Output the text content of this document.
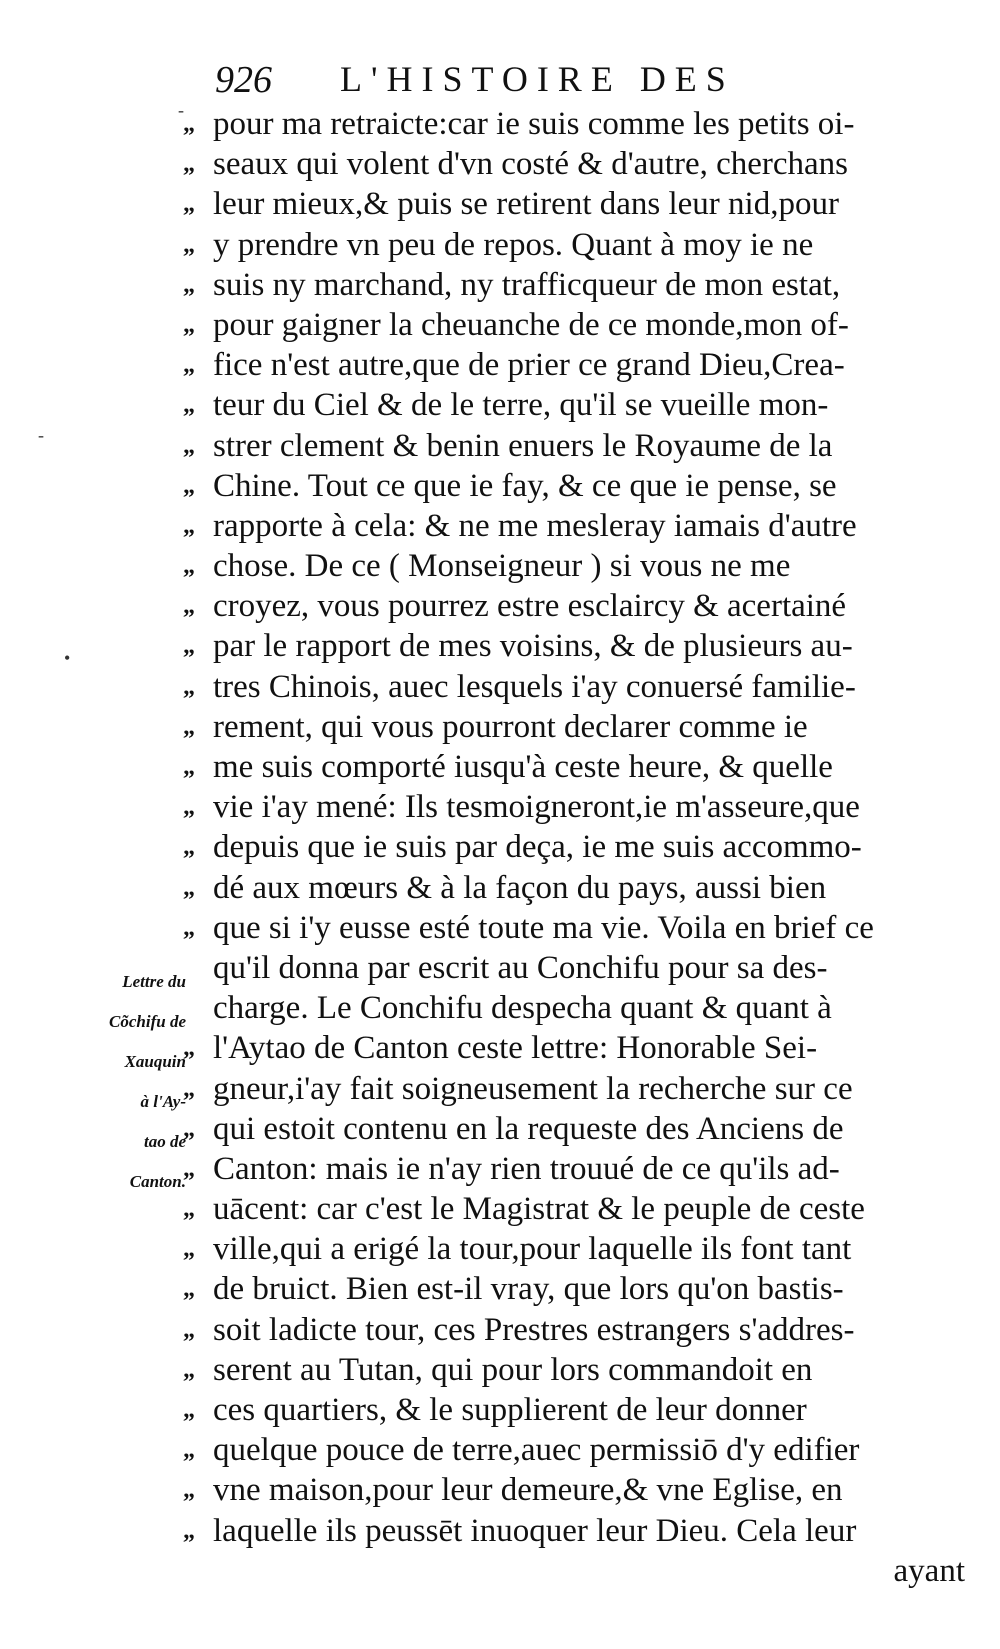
926 L'HISTOIRE DES
Lettre du
Cõchifu de
Xauquin
à l'Ay-
tao de
Canton.
„ pour ma retraicte:car ie suis comme les petits oi-
„ seaux qui volent d'vn costé & d'autre, cherchans
„ leur mieux,& puis se retirent dans leur nid,pour
„ y prendre vn peu de repos. Quant à moy ie ne
„ suis ny marchand, ny trafficqueur de mon estat,
„ pour gaigner la cheuanche de ce monde,mon of-
„ fice n'est autre,que de prier ce grand Dieu,Crea-
„ teur du Ciel & de le terre, qu'il se vueille mon-
„ strer clement & benin enuers le Royaume de la
„ Chine. Tout ce que ie fay, & ce que ie pense, se
„ rapporte à cela: & ne me mesleray iamais d'autre
„ chose. De ce ( Monseigneur ) si vous ne me
„ croyez, vous pourrez estre esclaircy & acertainé
„ par le rapport de mes voisins, & de plusieurs au-
„ tres Chinois, auec lesquels i'ay conuersé familie-
„ rement, qui vous pourront declarer comme ie
„ me suis comporté iusqu'à ceste heure, & quelle
„ vie i'ay mené: Ils tesmoigneront,ie m'asseure,que
„ depuis que ie suis par deça, ie me suis accommo-
„ dé aux mœurs & à la façon du pays, aussi bien
„ que si i'y eusse esté toute ma vie. Voila en brief ce
qu'il donna par escrit au Conchifu pour sa des-
charge. Le Conchifu despecha quant & quant à
„ l'Aytao de Canton ceste lettre: Honorable Sei-
„ gneur,i'ay fait soigneusement la recherche sur ce
„ qui estoit contenu en la requeste des Anciens de
„ Canton: mais ie n'ay rien trouué de ce qu'ils ad-
„ uācent: car c'est le Magistrat & le peuple de ceste
„ ville,qui a erigé la tour,pour laquelle ils font tant
„ de bruict. Bien est-il vray, que lors qu'on bastis-
„ soit ladicte tour, ces Prestres estrangers s'addres-
„ serent au Tutan, qui pour lors commandoit en
„ ces quartiers, & le supplierent de leur donner
„ quelque pouce de terre,auec permissiō d'y edifier
„ vne maison,pour leur demeure,& vne Eglise, en
„ laquelle ils peussēt inuoquer leur Dieu. Cela leur
ayant
-
-
•
